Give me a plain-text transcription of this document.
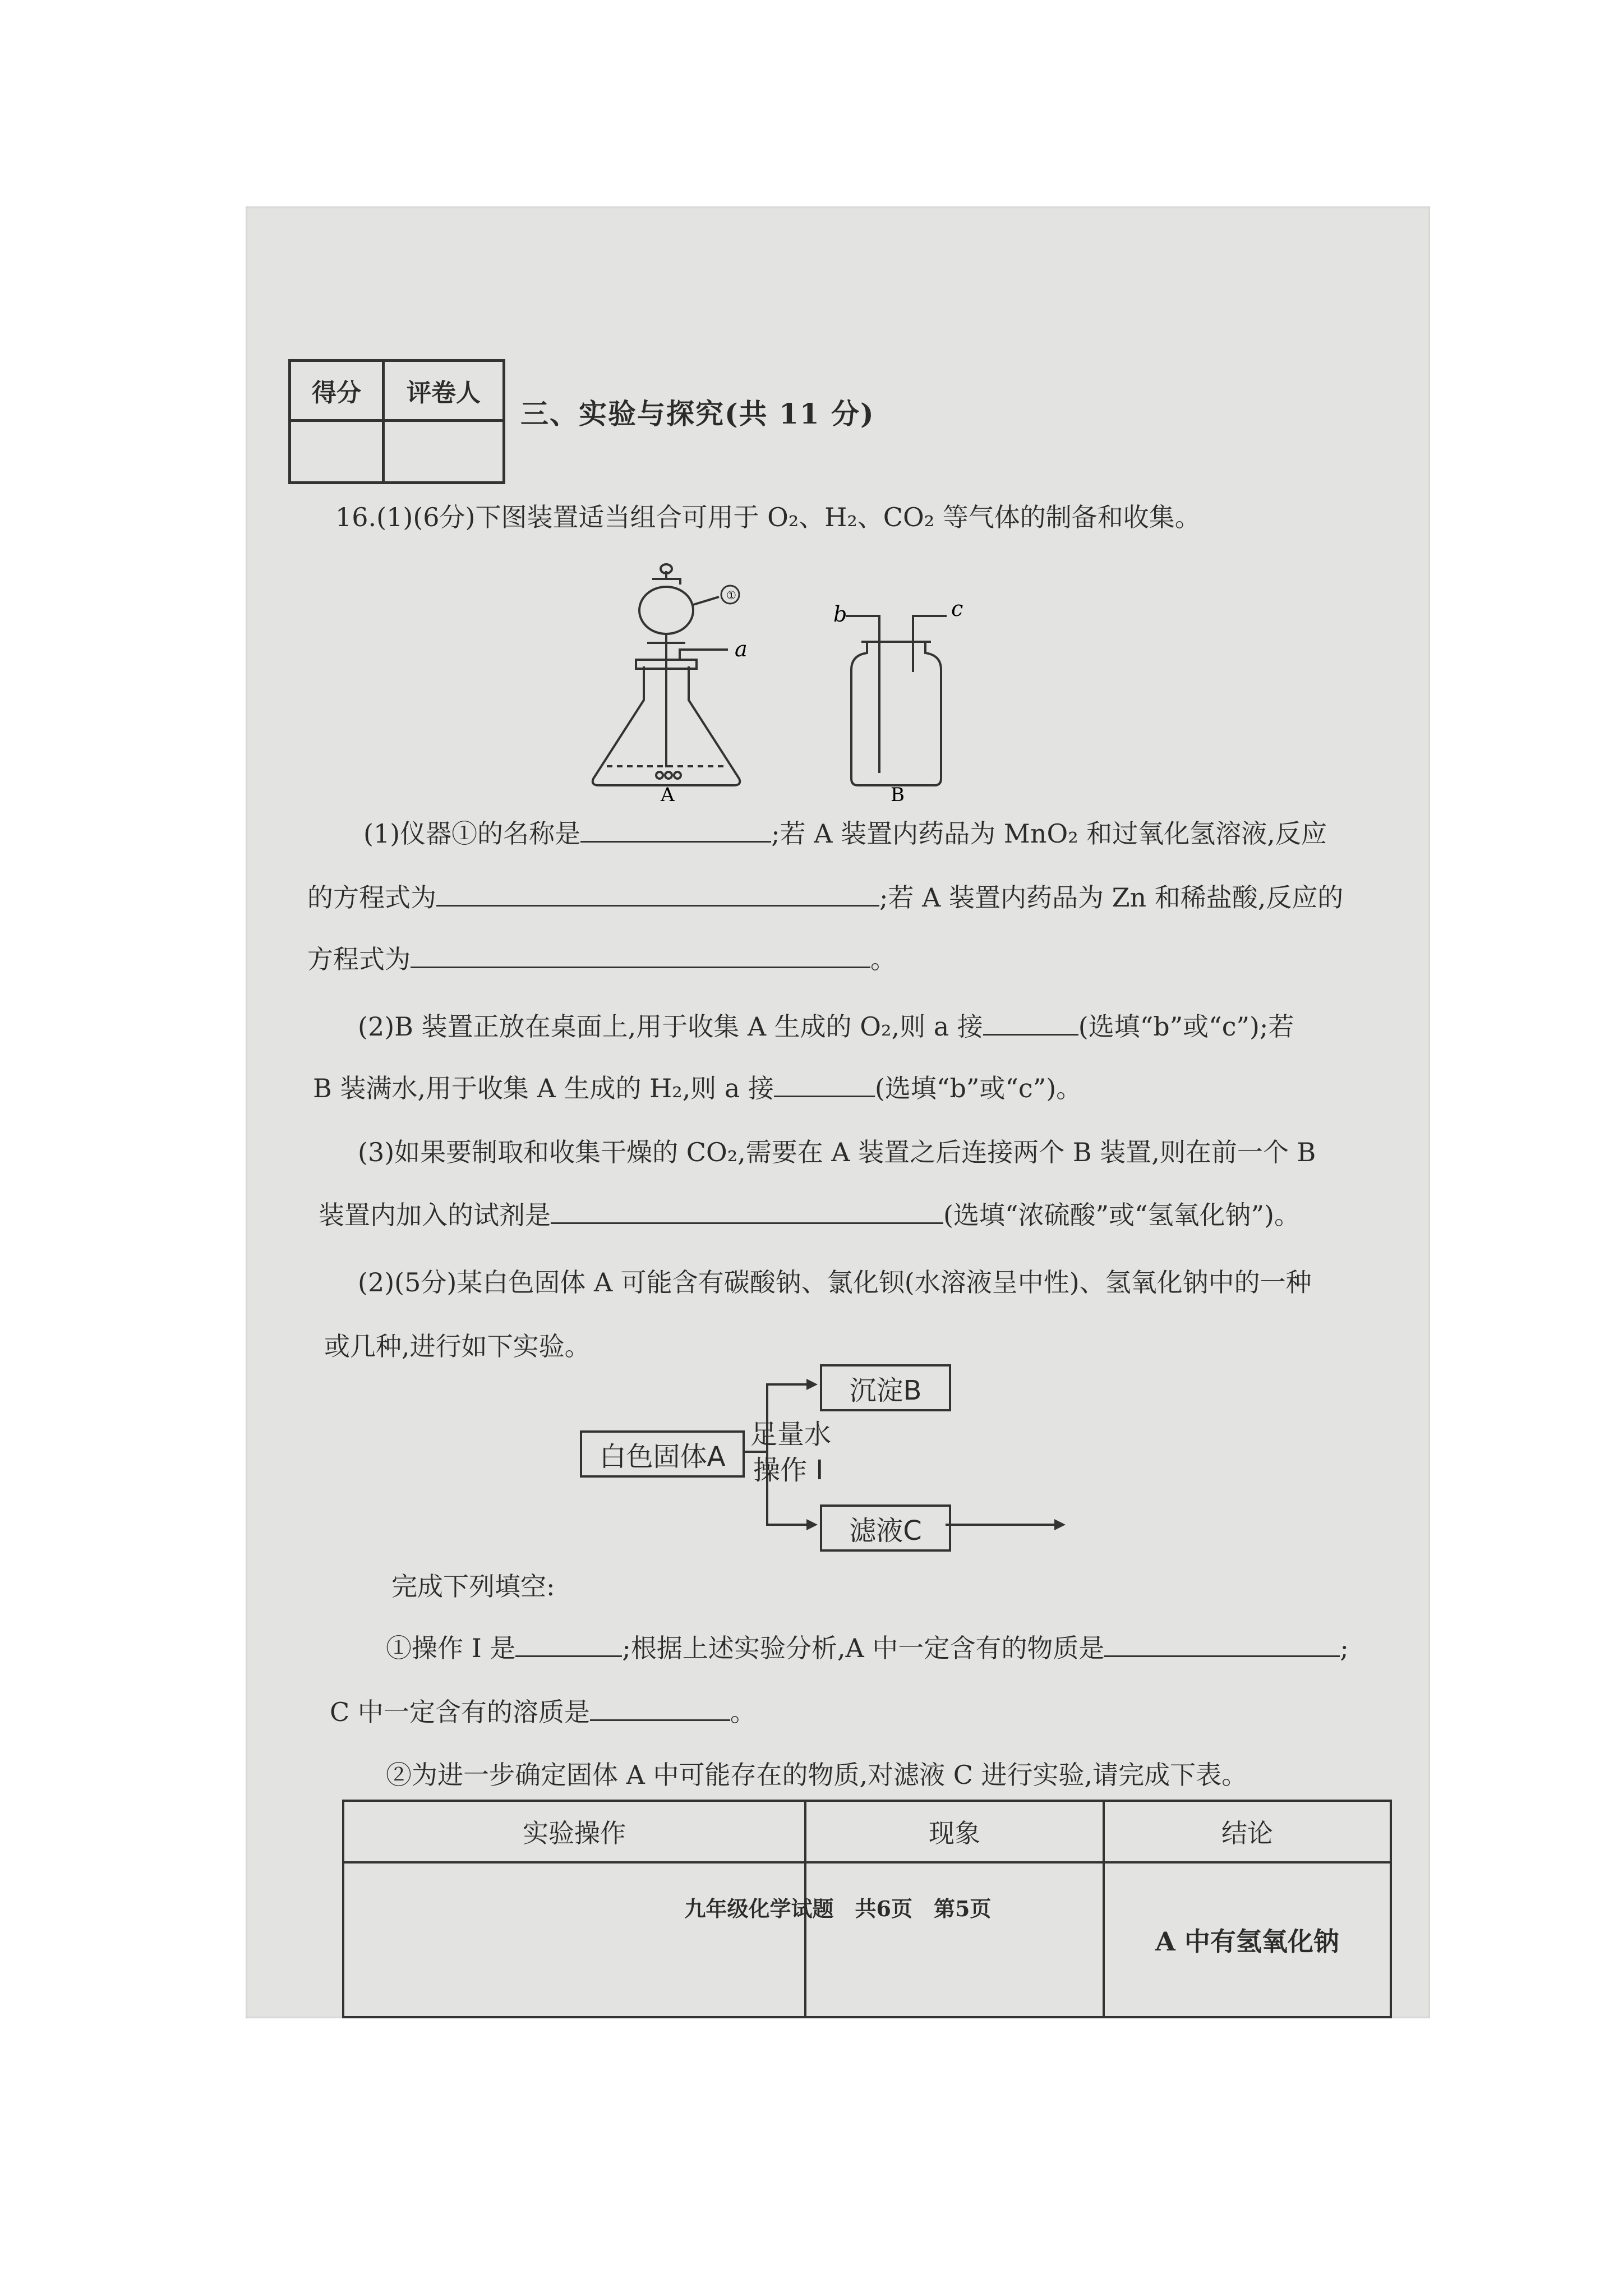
得分	评卷人

三、实验与探究(共 11 分)
16.(1)(6分)下图装置适当组合可用于 O₂、H₂、CO₂ 等气体的制备和收集。
①
a
b	c
A	B
(1)仪器①的名称是	;若 A 装置内药品为 MnO₂ 和过氧化氢溶液,反应
的方程式为	;若 A 装置内药品为 Zn 和稀盐酸,反应的
方程式为	。
(2)B 装置正放在桌面上,用于收集 A 生成的 O₂,则 a 接	(选填“b”或“c”);若
B 装满水,用于收集 A 生成的 H₂,则 a 接	(选填“b”或“c”)。
(3)如果要制取和收集干燥的 CO₂,需要在 A 装置之后连接两个 B 装置,则在前一个 B
装置内加入的试剂是	(选填“浓硫酸”或“氢氧化钠”)。
(2)(5分)某白色固体 A 可能含有碳酸钠、氯化钡(水溶液呈中性)、氢氧化钠中的一种
或几种,进行如下实验。
白色固体A
足量水
操作 I
沉淀B
滤液C
完成下列填空:
①操作 I 是	;根据上述实验分析,A 中一定含有的物质是	;
C 中一定含有的溶质是	。
②为进一步确定固体 A 中可能存在的物质,对滤液 C 进行实验,请完成下表。
实验操作	现象	结论
		A 中有氢氧化钠
九年级化学试题　共6页　第5页
